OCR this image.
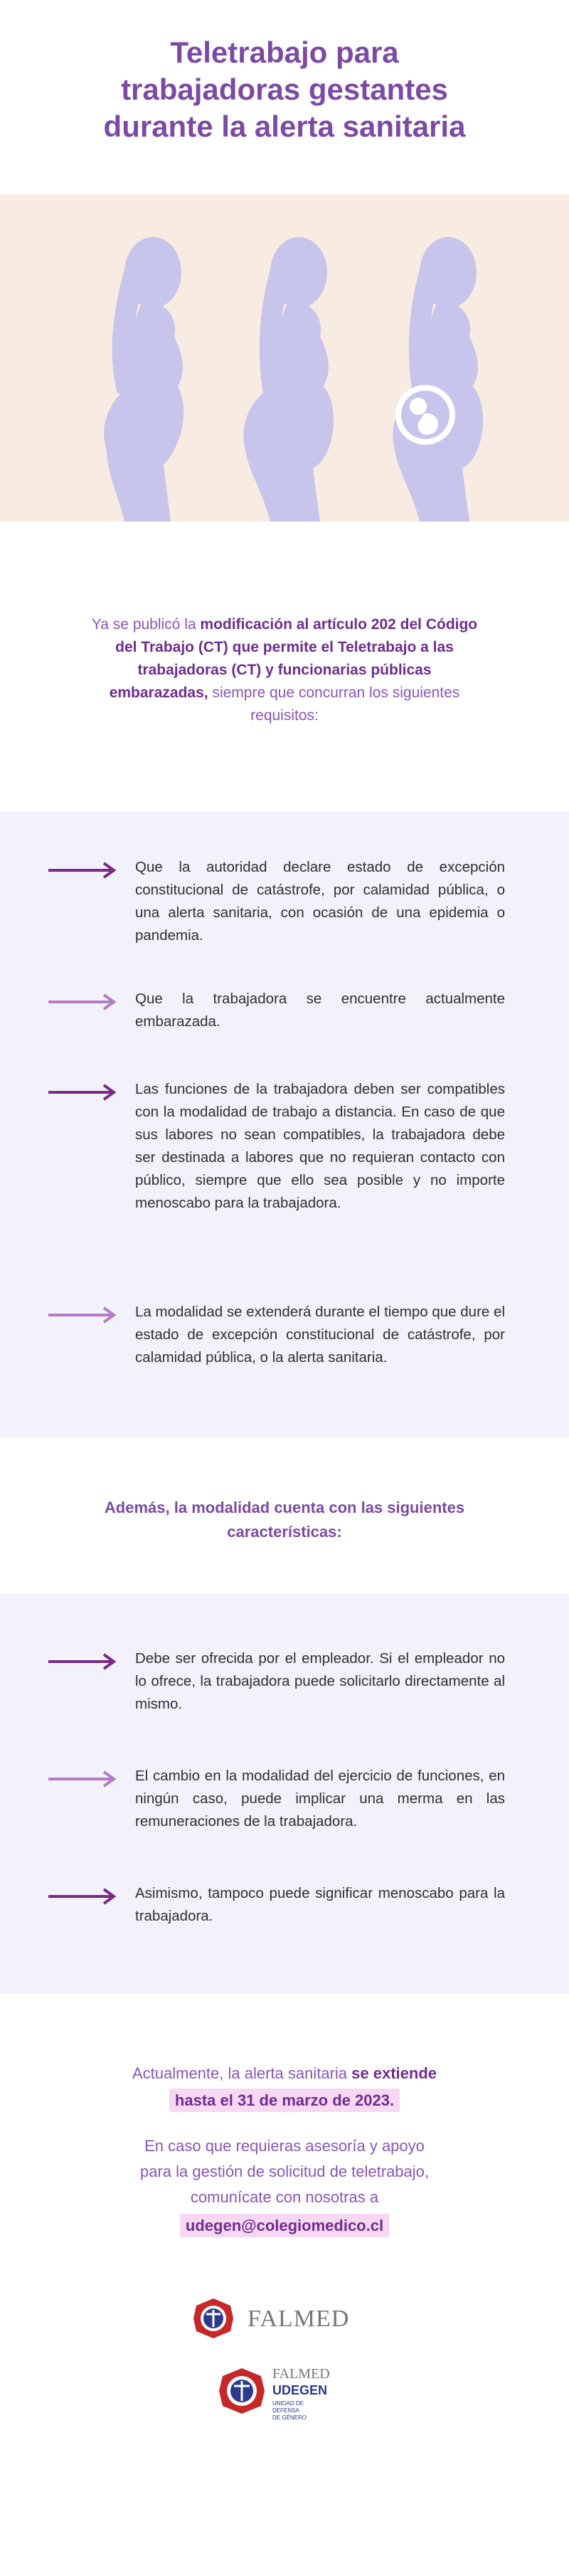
Teletrabajo para
trabajadoras gestantes
durante la alerta sanitaria
Ya se publicó la modificación al artículo 202 del Código del Trabajo (CT) que permite el Teletrabajo a las trabajadoras (CT) y funcionarias públicas embarazadas, siempre que concurran los siguientes requisitos:
Que la autoridad declare estado de excepción constitucional de catástrofe, por calamidad pública, o una alerta sanitaria, con ocasión de una epidemia o pandemia.
Que la trabajadora se encuentre actualmente embarazada.
Las funciones de la trabajadora deben ser compatibles con la modalidad de trabajo a distancia. En caso de que sus labores no sean compatibles, la trabajadora debe ser destinada a labores que no requieran contacto con público, siempre que ello sea posible y no importe menoscabo para la trabajadora.
La modalidad se extenderá durante el tiempo que dure el estado de excepción constitucional de catástrofe, por calamidad pública, o la alerta sanitaria.
Además, la modalidad cuenta con las siguientes características:
Debe ser ofrecida por el empleador. Si el empleador no lo ofrece, la trabajadora puede solicitarlo directamente al mismo.
El cambio en la modalidad del ejercicio de funciones, en ningún caso, puede implicar una merma en las remuneraciones de la trabajadora.
Asimismo, tampoco puede significar menoscabo para la trabajadora.
Actualmente, la alerta sanitaria se extiende
hasta el 31 de marzo de 2023.
En caso que requieras asesoría y apoyo
para la gestión de solicitud de teletrabajo,
comunícate con nosotras a
udegen@colegiomedico.cl
FALMED
FALMED
UDEGEN
UNIDAD DE
DEFENSA
DE GÉNERO
